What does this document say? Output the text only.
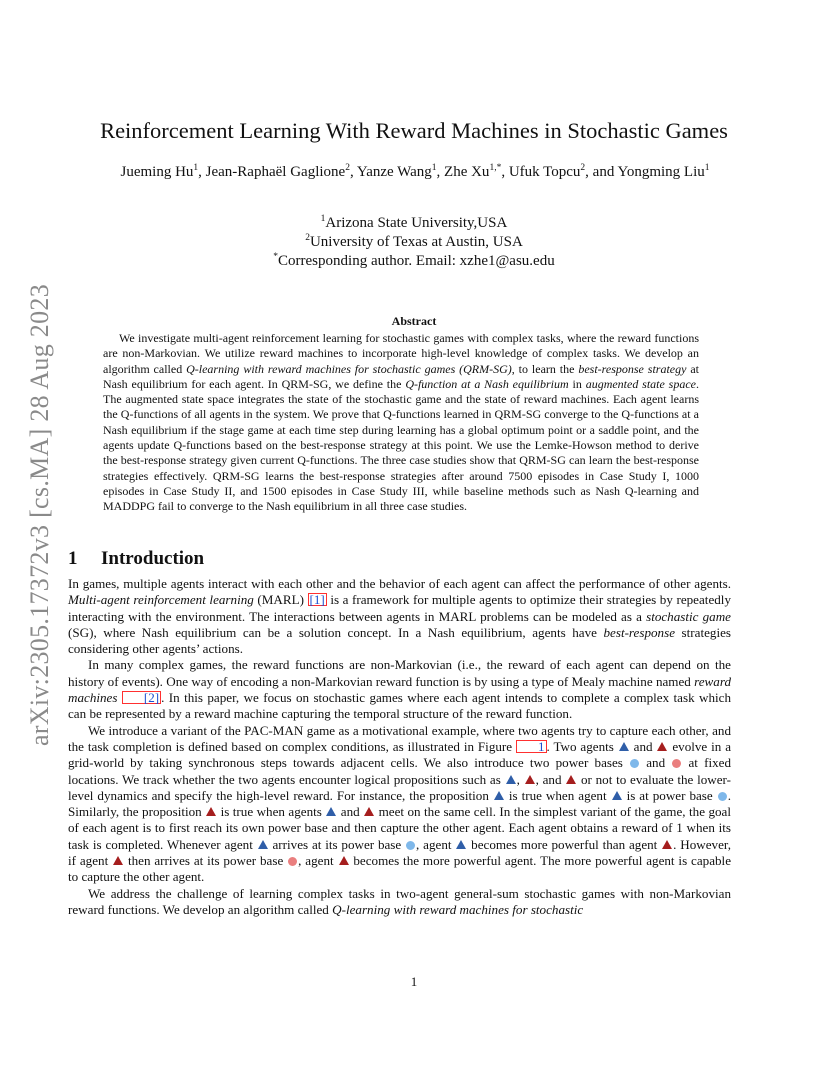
arXiv:2305.17372v3 [cs.MA] 28 Aug 2023
Reinforcement Learning With Reward Machines in Stochastic Games
Jueming Hu$^1$, Jean-Raphaël Gaglione$^2$, Yanze Wang$^1$, Zhe $Xu^{1,*}$, Ufuk Topcu$^2$, and Yongming Liu$^1$
$^1$Arizona State University,USA
$^2$University of Texas at Austin, USA
*Corresponding author. Email: xzhe1@asu.edu
Abstract

We investigate multi-agent reinforcement learning for stochastic games with complex tasks, where the reward functions are non-Markovian. We utilize reward machines to incorporate high-level knowledge of complex tasks. We develop an algorithm called Q-learning with reward machines for stochastic games (QRM-SG), to learn the best-response strategy at Nash equilibrium for each agent. In QRM-SG, we define the Q-function at a Nash equilibrium in augmented state space. The augmented state space integrates the state of the stochastic game and the state of reward machines. Each agent learns the Q-functions of all agents in the system. We prove that Q-functions learned in QRM-SG converge to the Q-functions at a Nash equilibrium if the stage game at each time step during learning has a global optimum point or a saddle point, and the agents update Q-functions based on the best-response strategy at this point. We use the Lemke-Howson method to derive the best-response strategy given current Q-functions. The three case studies show that QRM-SG can learn the best-response strategies effectively. QRM-SG learns the best-response strategies after around 7500 episodes in Case Study I, 1000 episodes in Case Study II, and 1500 episodes in Case Study III, while baseline methods such as Nash Q-learning and MADDPG fail to converge to the Nash equilibrium in all three case studies.

1 Introduction

In games, multiple agents interact with each other and the behavior of each agent can affect the performance of other agents. Multi-agent reinforcement learning (MARL) [1] is a framework for multiple agents to optimize their strategies by repeatedly interacting with the environment. The interactions between agents in MARL problems can be modeled as a stochastic game (SG), where Nash equilibrium can be a solution concept. In a Nash equilibrium, agents have best-response strategies considering other agents’ actions.

In many complex games, the reward functions are non-Markovian (i.e., the reward of each agent can depend on the history of events). One way of encoding a non-Markovian reward function is by using a type of Mealy machine named reward machines [2] . In this paper, we focus on stochastic games where each agent intends to complete a complex task which can be represented by a reward machine capturing the temporal structure of the reward function.

We introduce a variant of the PAC-MAN game as a motivational example, where two agents try to capture each other, and the task completion is defined based on complex conditions, as illustrated in Figure 1 . Two agents  and  evolve in a grid-world by taking synchronous steps towards adjacent cells. We also introduce two power bases  and  at fixed locations. We track whether the two agents encounter logical propositions such as , , and  or not to evaluate the lower-level dynamics and specify the high-level reward. For instance, the proposition  is true when agent  is at power base . Similarly, the proposition  is true when agents  and  meet on the same cell. In the simplest variant of the game, the goal of each agent is to first reach its own power base and then capture the other agent. Each agent obtains a reward of 1 when its task is completed. Whenever agent  arrives at its power base , agent  becomes more powerful than agent . However, if agent  then arrives at its power base , agent  becomes the more powerful agent. The more powerful agent is capable to capture the other agent.

We address the challenge of learning complex tasks in two-agent general-sum stochastic games with non-Markovian reward functions. We develop an algorithm called Q-learning with reward machines for stochastic

1
